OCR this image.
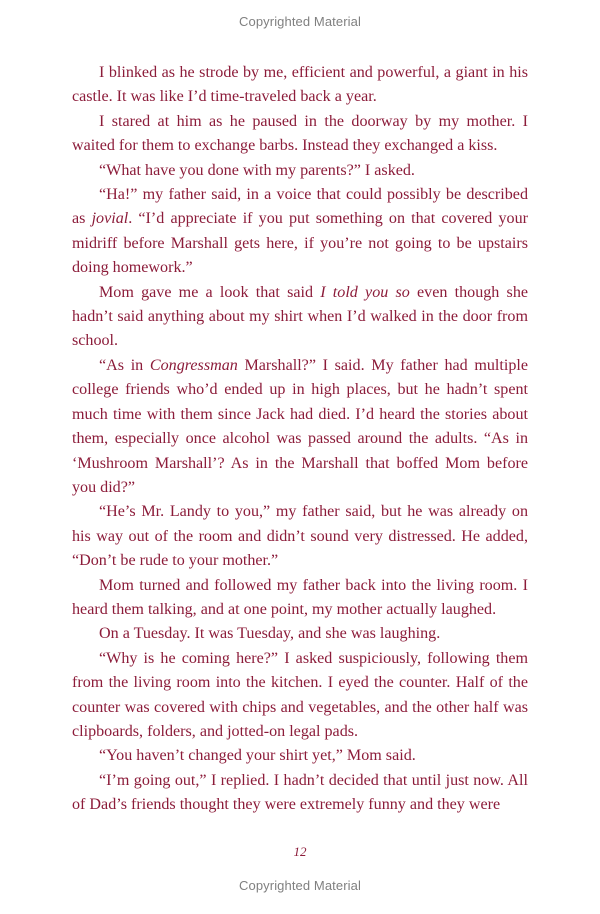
Copyrighted Material

I blinked as he strode by me, efficient and powerful, a giant in his castle. It was like I’d time-traveled back a year.

I stared at him as he paused in the doorway by my mother. I waited for them to exchange barbs. Instead they exchanged a kiss.

“What have you done with my parents?” I asked.

“Ha!” my father said, in a voice that could possibly be described as jovial. “I’d appreciate if you put something on that covered your midriff before Marshall gets here, if you’re not going to be upstairs doing homework.”

Mom gave me a look that said I told you so even though she hadn’t said anything about my shirt when I’d walked in the door from school.

“As in Congressman Marshall?” I said. My father had multiple college friends who’d ended up in high places, but he hadn’t spent much time with them since Jack had died. I’d heard the stories about them, especially once alcohol was passed around the adults. “As in ‘Mushroom Marshall’? As in the Marshall that boffed Mom before you did?”

“He’s Mr. Landy to you,” my father said, but he was already on his way out of the room and didn’t sound very distressed. He added, “Don’t be rude to your mother.”

Mom turned and followed my father back into the living room. I heard them talking, and at one point, my mother actually laughed.

On a Tuesday. It was Tuesday, and she was laughing.

“Why is he coming here?” I asked suspiciously, following them from the living room into the kitchen. I eyed the counter. Half of the counter was covered with chips and vegetables, and the other half was clipboards, folders, and jotted-on legal pads.

“You haven’t changed your shirt yet,” Mom said.

“I’m going out,” I replied. I hadn’t decided that until just now. All of Dad’s friends thought they were extremely funny and they were

12
Copyrighted Material
